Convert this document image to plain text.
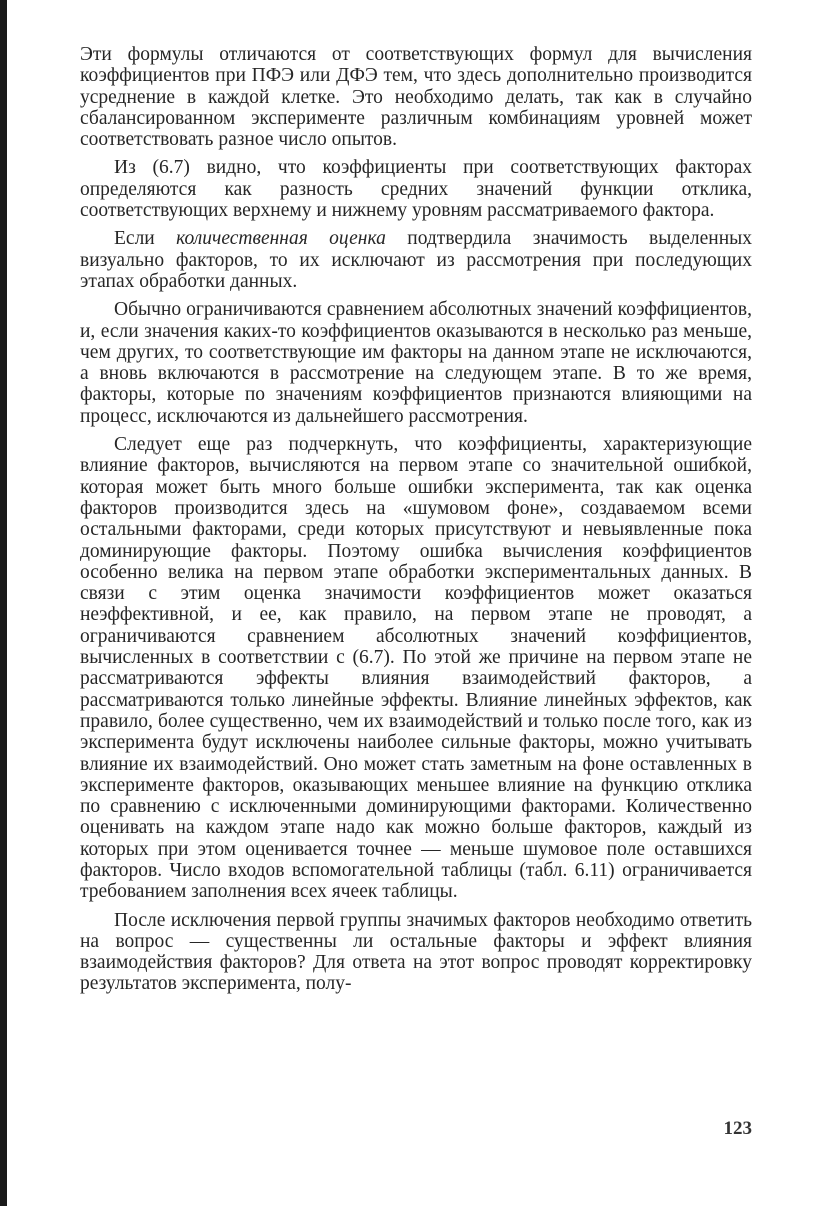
Эти формулы отличаются от соответствующих формул для вычисления коэффициентов при ПФЭ или ДФЭ тем, что здесь дополнительно производится усреднение в каждой клетке. Это необходимо делать, так как в случайно сбалансированном эксперименте различным комбинациям уровней может соответствовать разное число опытов.

Из (6.7) видно, что коэффициенты при соответствующих факторах определяются как разность средних значений функции отклика, соответствующих верхнему и нижнему уровням рассматриваемого фактора.

Если количественная оценка подтвердила значимость выделенных визуально факторов, то их исключают из рассмотрения при последующих этапах обработки данных.

Обычно ограничиваются сравнением абсолютных значений коэффициентов, и, если значения каких-то коэффициентов оказываются в несколько раз меньше, чем других, то соответствующие им факторы на данном этапе не исключаются, а вновь включаются в рассмотрение на следующем этапе. В то же время, факторы, которые по значениям коэффициентов признаются влияющими на процесс, исключаются из дальнейшего рассмотрения.

Следует еще раз подчеркнуть, что коэффициенты, характеризующие влияние факторов, вычисляются на первом этапе со значительной ошибкой, которая может быть много больше ошибки эксперимента, так как оценка факторов производится здесь на «шумовом фоне», создаваемом всеми остальными факторами, среди которых присутствуют и невыявленные пока доминирующие факторы. Поэтому ошибка вычисления коэффициентов особенно велика на первом этапе обработки экспериментальных данных. В связи с этим оценка значимости коэффициентов может оказаться неэффективной, и ее, как правило, на первом этапе не проводят, а ограничиваются сравнением абсолютных значений коэффициентов, вычисленных в соответствии с (6.7). По этой же причине на первом этапе не рассматриваются эффекты влияния взаимодействий факторов, а рассматриваются только линейные эффекты. Влияние линейных эффектов, как правило, более существенно, чем их взаимодействий и только после того, как из эксперимента будут исключены наиболее сильные факторы, можно учитывать влияние их взаимодействий. Оно может стать заметным на фоне оставленных в эксперименте факторов, оказывающих меньшее влияние на функцию отклика по сравнению с исключенными доминирующими факторами. Количественно оценивать на каждом этапе надо как можно больше факторов, каждый из которых при этом оценивается точнее — меньше шумовое поле оставшихся факторов. Число входов вспомогательной таблицы (табл. 6.11) ограничивается требованием заполнения всех ячеек таблицы.

После исключения первой группы значимых факторов необходимо ответить на вопрос — существенны ли остальные факторы и эффект влияния взаимодействия факторов? Для ответа на этот вопрос проводят корректировку результатов эксперимента, полу-

123
